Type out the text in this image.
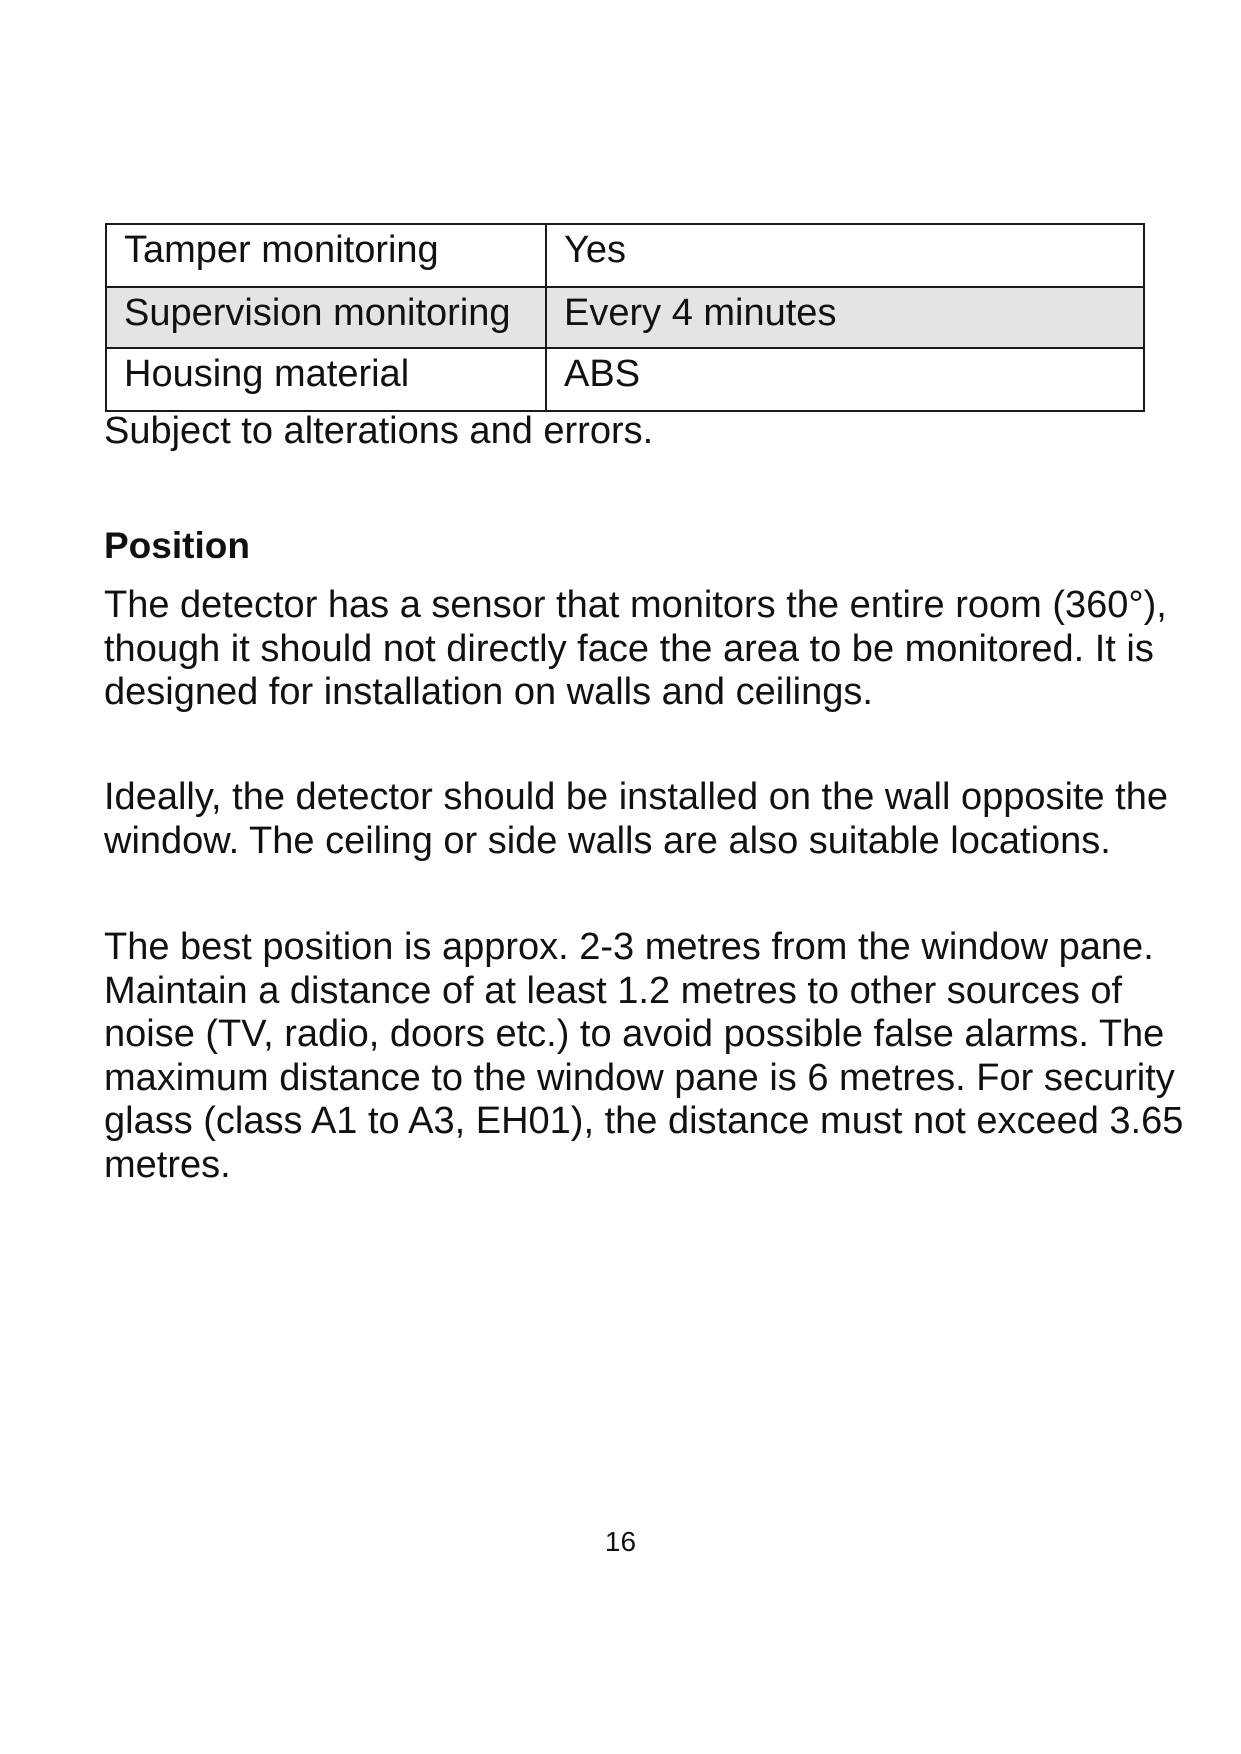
Tamper monitoring	Yes
Supervision monitoring	Every 4 minutes
Housing material	ABS

Subject to alterations and errors.

Position

The detector has a sensor that monitors the entire room (360°), though it should not directly face the area to be monitored. It is designed for installation on walls and ceilings.

Ideally, the detector should be installed on the wall opposite the window. The ceiling or side walls are also suitable locations.

The best position is approx. 2-3 metres from the window pane. Maintain a distance of at least 1.2 metres to other sources of noise (TV, radio, doors etc.) to avoid possible false alarms. The maximum distance to the window pane is 6 metres. For security glass (class A1 to A3, EH01), the distance must not exceed 3.65 metres.

16
